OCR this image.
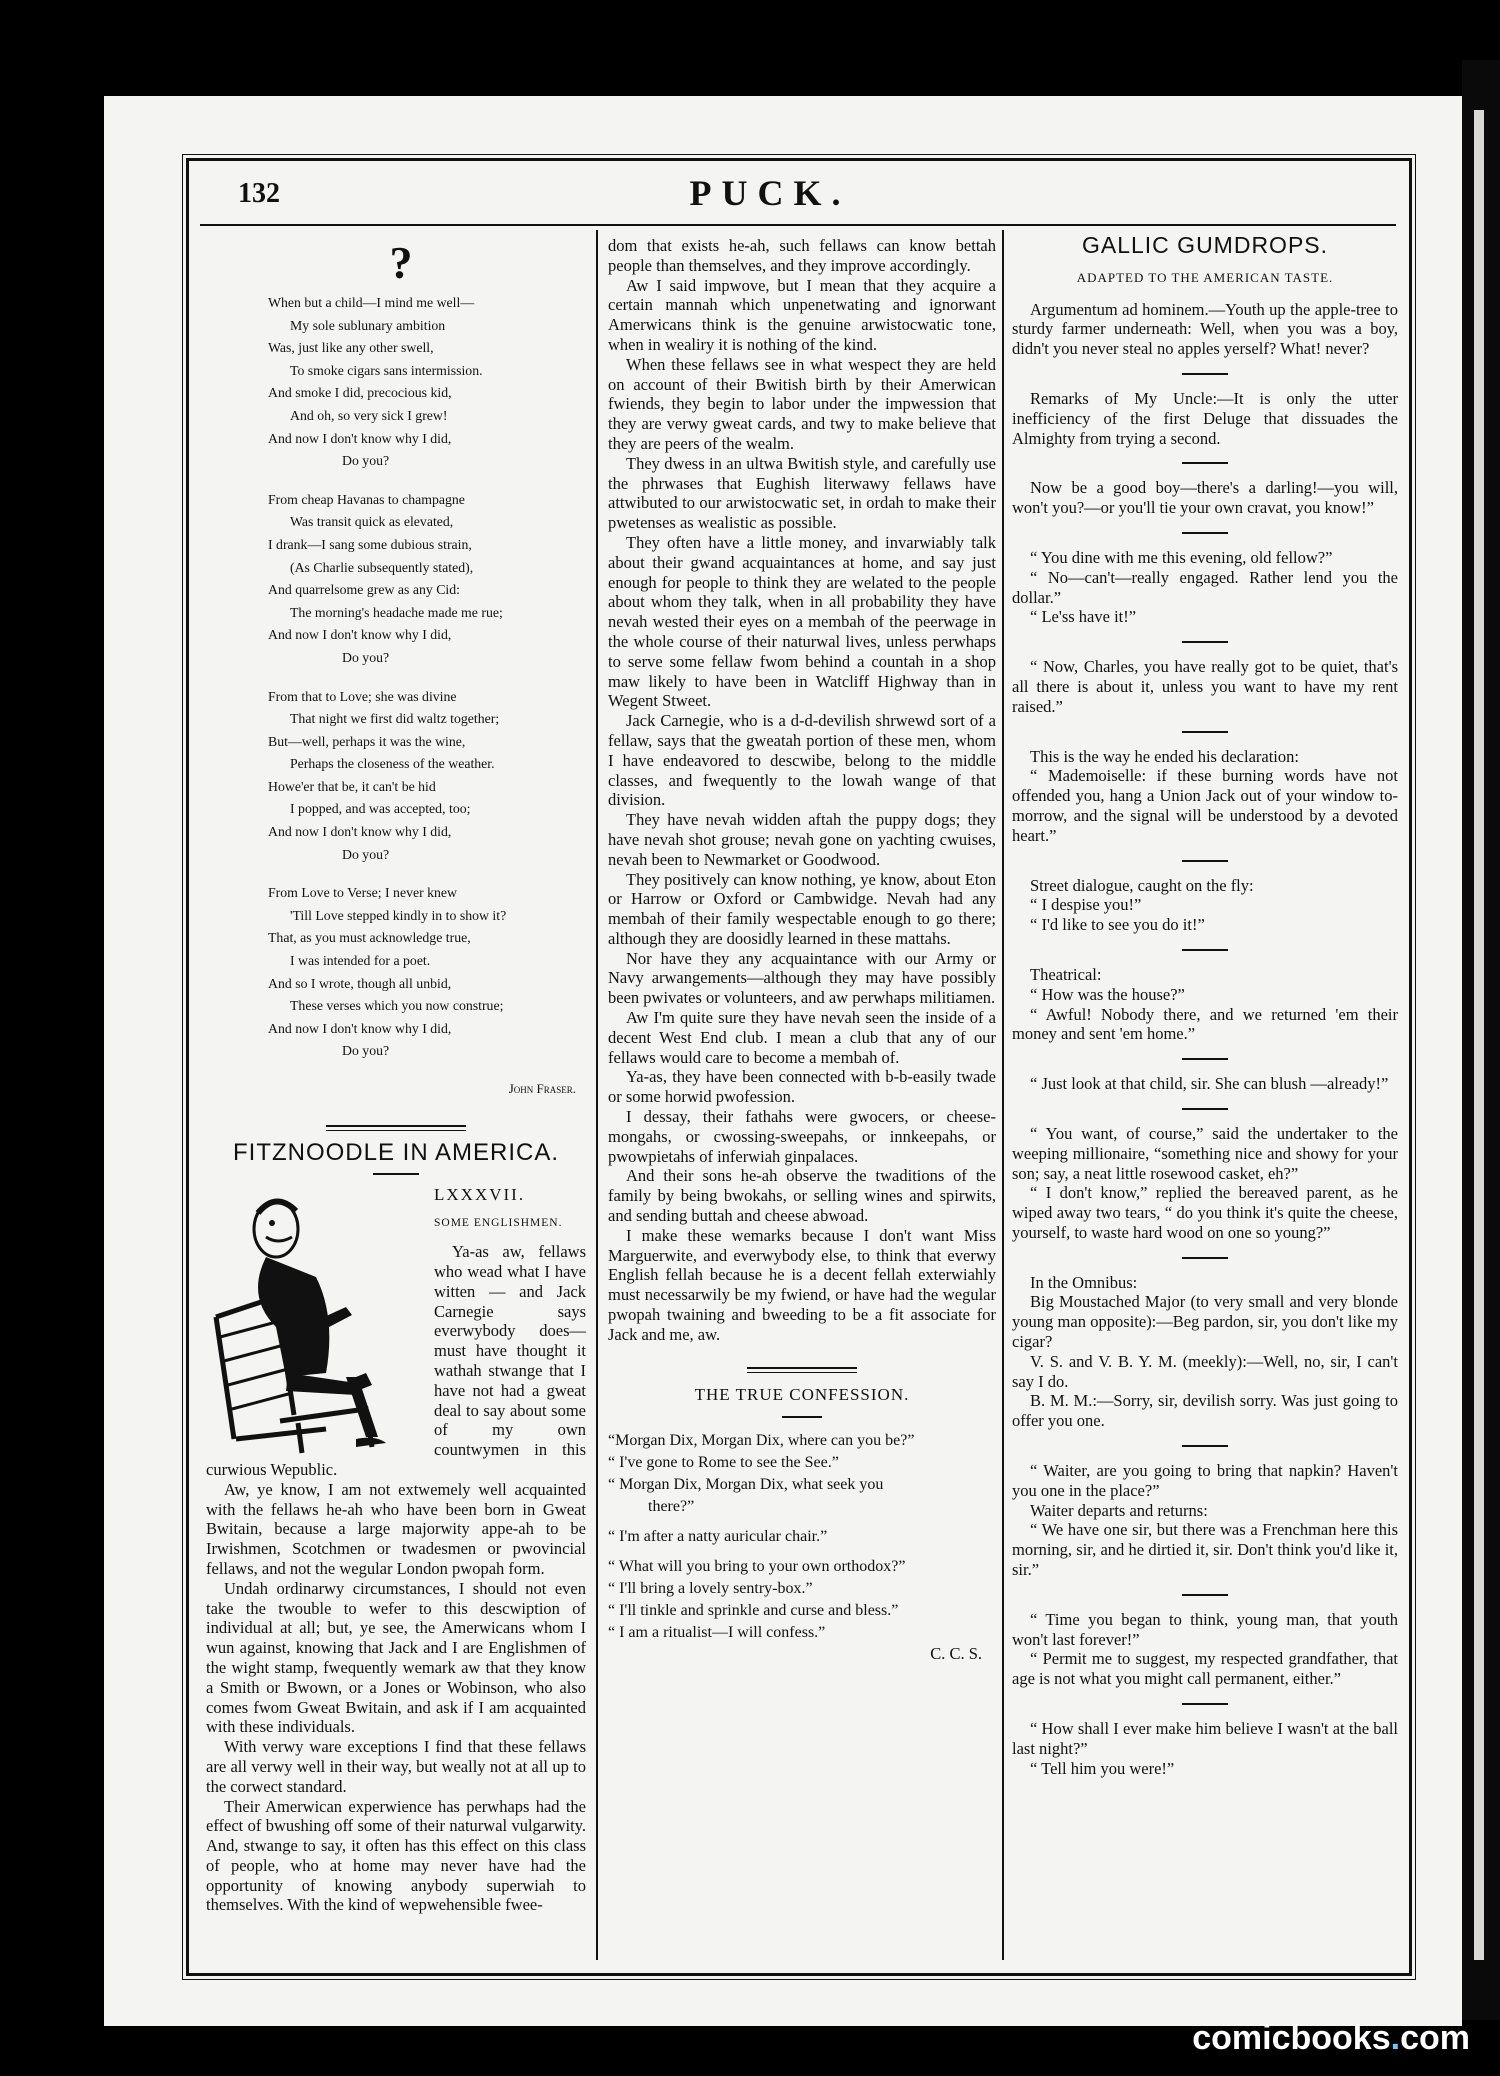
132	PUCK.
?
When but a child—I mind me well—
My sole sublunary ambition
Was, just like any other swell,
To smoke cigars sans intermission.
And smoke I did, precocious kid,
And oh, so very sick I grew!
And now I don't know why I did,
Do you?
From cheap Havanas to champagne
Was transit quick as elevated,
I drank—I sang some dubious strain,
(As Charlie subsequently stated),
And quarrelsome grew as any Cid:
The morning's headache made me rue;
And now I don't know why I did,
Do you?
From that to Love; she was divine
That night we first did waltz together;
But—well, perhaps it was the wine,
Perhaps the closeness of the weather.
Howe'er that be, it can't be hid
I popped, and was accepted, too;
And now I don't know why I did,
Do you?
From Love to Verse; I never knew
'Till Love stepped kindly in to show it?
That, as you must acknowledge true,
I was intended for a poet.
And so I wrote, though all unbid,
These verses which you now construe;
And now I don't know why I did,
Do you?
John Fraser.
FITZNOODLE IN AMERICA.
LXXXVII.
SOME ENGLISHMEN.

Ya-as aw, fellaws who wead what I have witten — and Jack Carnegie says everwybody does—must have thought it wathah stwange that I have not had a gweat deal to say about some of my own countwymen in this curwious Wepublic.

Aw, ye know, I am not extwemely well acquainted with the fellaws he-ah who have been born in Gweat Bwitain, because a large majorwity appe-ah to be Irwishmen, Scotchmen or twadesmen or pwovincial fellaws, and not the wegular London pwopah form.

Undah ordinarwy circumstances, I should not even take the twouble to wefer to this descwiption of individual at all; but, ye see, the Amerwicans whom I wun against, knowing that Jack and I are Englishmen of the wight stamp, fwequently wemark aw that they know a Smith or Bwown, or a Jones or Wobinson, who also comes fwom Gweat Bwitain, and ask if I am acquainted with these individuals.

With verwy ware exceptions I find that these fellaws are all verwy well in their way, but weally not at all up to the corwect standard.

Their Amerwican experwience has perwhaps had the effect of bwushing off some of their naturwal vulgarwity. And, stwange to say, it often has this effect on this class of people, who at home may never have had the opportunity of knowing anybody superwiah to themselves. With the kind of wepwehensible fwee-

dom that exists he-ah, such fellaws can know bettah people than themselves, and they improve accordingly.

Aw I said impwove, but I mean that they acquire a certain mannah which unpenetwating and ignorwant Amerwicans think is the genuine arwistocwatic tone, when in wealiry it is nothing of the kind.

When these fellaws see in what wespect they are held on account of their Bwitish birth by their Amerwican fwiends, they begin to labor under the impwession that they are verwy gweat cards, and twy to make believe that they are peers of the wealm.

They dwess in an ultwa Bwitish style, and carefully use the phrwases that Eughish literwawy fellaws have attwibuted to our arwistocwatic set, in ordah to make their pwetenses as wealistic as possible.

They often have a little money, and invarwiably talk about their gwand acquaintances at home, and say just enough for people to think they are welated to the people about whom they talk, when in all probability they have nevah wested their eyes on a membah of the peerwage in the whole course of their naturwal lives, unless perwhaps to serve some fellaw fwom behind a countah in a shop maw likely to have been in Watcliff Highway than in Wegent Stweet.

Jack Carnegie, who is a d-d-devilish shrwewd sort of a fellaw, says that the gweatah portion of these men, whom I have endeavored to descwibe, belong to the middle classes, and fwequently to the lowah wange of that division.

They have nevah widden aftah the puppy dogs; they have nevah shot grouse; nevah gone on yachting cwuises, nevah been to Newmarket or Goodwood.

They positively can know nothing, ye know, about Eton or Harrow or Oxford or Cambwidge. Nevah had any membah of their family wespectable enough to go there; although they are doosidly learned in these mattahs.

Nor have they any acquaintance with our Army or Navy arwangements—although they may have possibly been pwivates or volunteers, and aw perwhaps militiamen.

Aw I'm quite sure they have nevah seen the inside of a decent West End club. I mean a club that any of our fellaws would care to become a membah of.

Ya-as, they have been connected with b-b-easily twade or some horwid pwofession.

I dessay, their fathahs were gwocers, or cheese-mongahs, or cwossing-sweepahs, or innkeepahs, or pwowpietahs of inferwiah ginpalaces.

And their sons he-ah observe the twaditions of the family by being bwokahs, or selling wines and spirwits, and sending buttah and cheese abwoad.

I make these wemarks because I don't want Miss Marguerwite, and everwybody else, to think that everwy English fellah because he is a decent fellah exterwiahly must necessarwily be my fwiend, or have had the wegular pwopah twaining and bweeding to be a fit associate for Jack and me, aw.

THE TRUE CONFESSION.
“Morgan Dix, Morgan Dix, where can you be?”
“ I've gone to Rome to see the See.”
“ Morgan Dix, Morgan Dix, what seek you
there?”
“ I'm after a natty auricular chair.”
“ What will you bring to your own orthodox?”
“ I'll bring a lovely sentry-box.”
“ I'll tinkle and sprinkle and curse and bless.”
“ I am a ritualist—I will confess.”
C. C. S.
GALLIC GUMDROPS.
ADAPTED TO THE AMERICAN TASTE.

Argumentum ad hominem.—Youth up the apple-tree to sturdy farmer underneath: Well, when you was a boy, didn't you never steal no apples yerself? What! never?

Remarks of My Uncle:—It is only the utter inefficiency of the first Deluge that dissuades the Almighty from trying a second.

Now be a good boy—there's a darling!—you will, won't you?—or you'll tie your own cravat, you know!”

“ You dine with me this evening, old fellow?”

“ No—can't—really engaged. Rather lend you the dollar.”

“ Le'ss have it!”

“ Now, Charles, you have really got to be quiet, that's all there is about it, unless you want to have my rent raised.”

This is the way he ended his declaration:

“ Mademoiselle: if these burning words have not offended you, hang a Union Jack out of your window to-morrow, and the signal will be understood by a devoted heart.”

Street dialogue, caught on the fly:

“ I despise you!”

“ I'd like to see you do it!”

Theatrical:

“ How was the house?”

“ Awful! Nobody there, and we returned 'em their money and sent 'em home.”

“ Just look at that child, sir. She can blush —already!”

“ You want, of course,” said the undertaker to the weeping millionaire, “something nice and showy for your son; say, a neat little rosewood casket, eh?”

“ I don't know,” replied the bereaved parent, as he wiped away two tears, “ do you think it's quite the cheese, yourself, to waste hard wood on one so young?”

In the Omnibus:

Big Moustached Major (to very small and very blonde young man opposite):—Beg pardon, sir, you don't like my cigar?

V. S. and V. B. Y. M. (meekly):—Well, no, sir, I can't say I do.

B. M. M.:—Sorry, sir, devilish sorry. Was just going to offer you one.

“ Waiter, are you going to bring that napkin? Haven't you one in the place?”

Waiter departs and returns:

“ We have one sir, but there was a Frenchman here this morning, sir, and he dirtied it, sir. Don't think you'd like it, sir.”

“ Time you began to think, young man, that youth won't last forever!”

“ Permit me to suggest, my respected grandfather, that age is not what you might call permanent, either.”

“ How shall I ever make him believe I wasn't at the ball last night?”

“ Tell him you were!”

comicbooks.com
